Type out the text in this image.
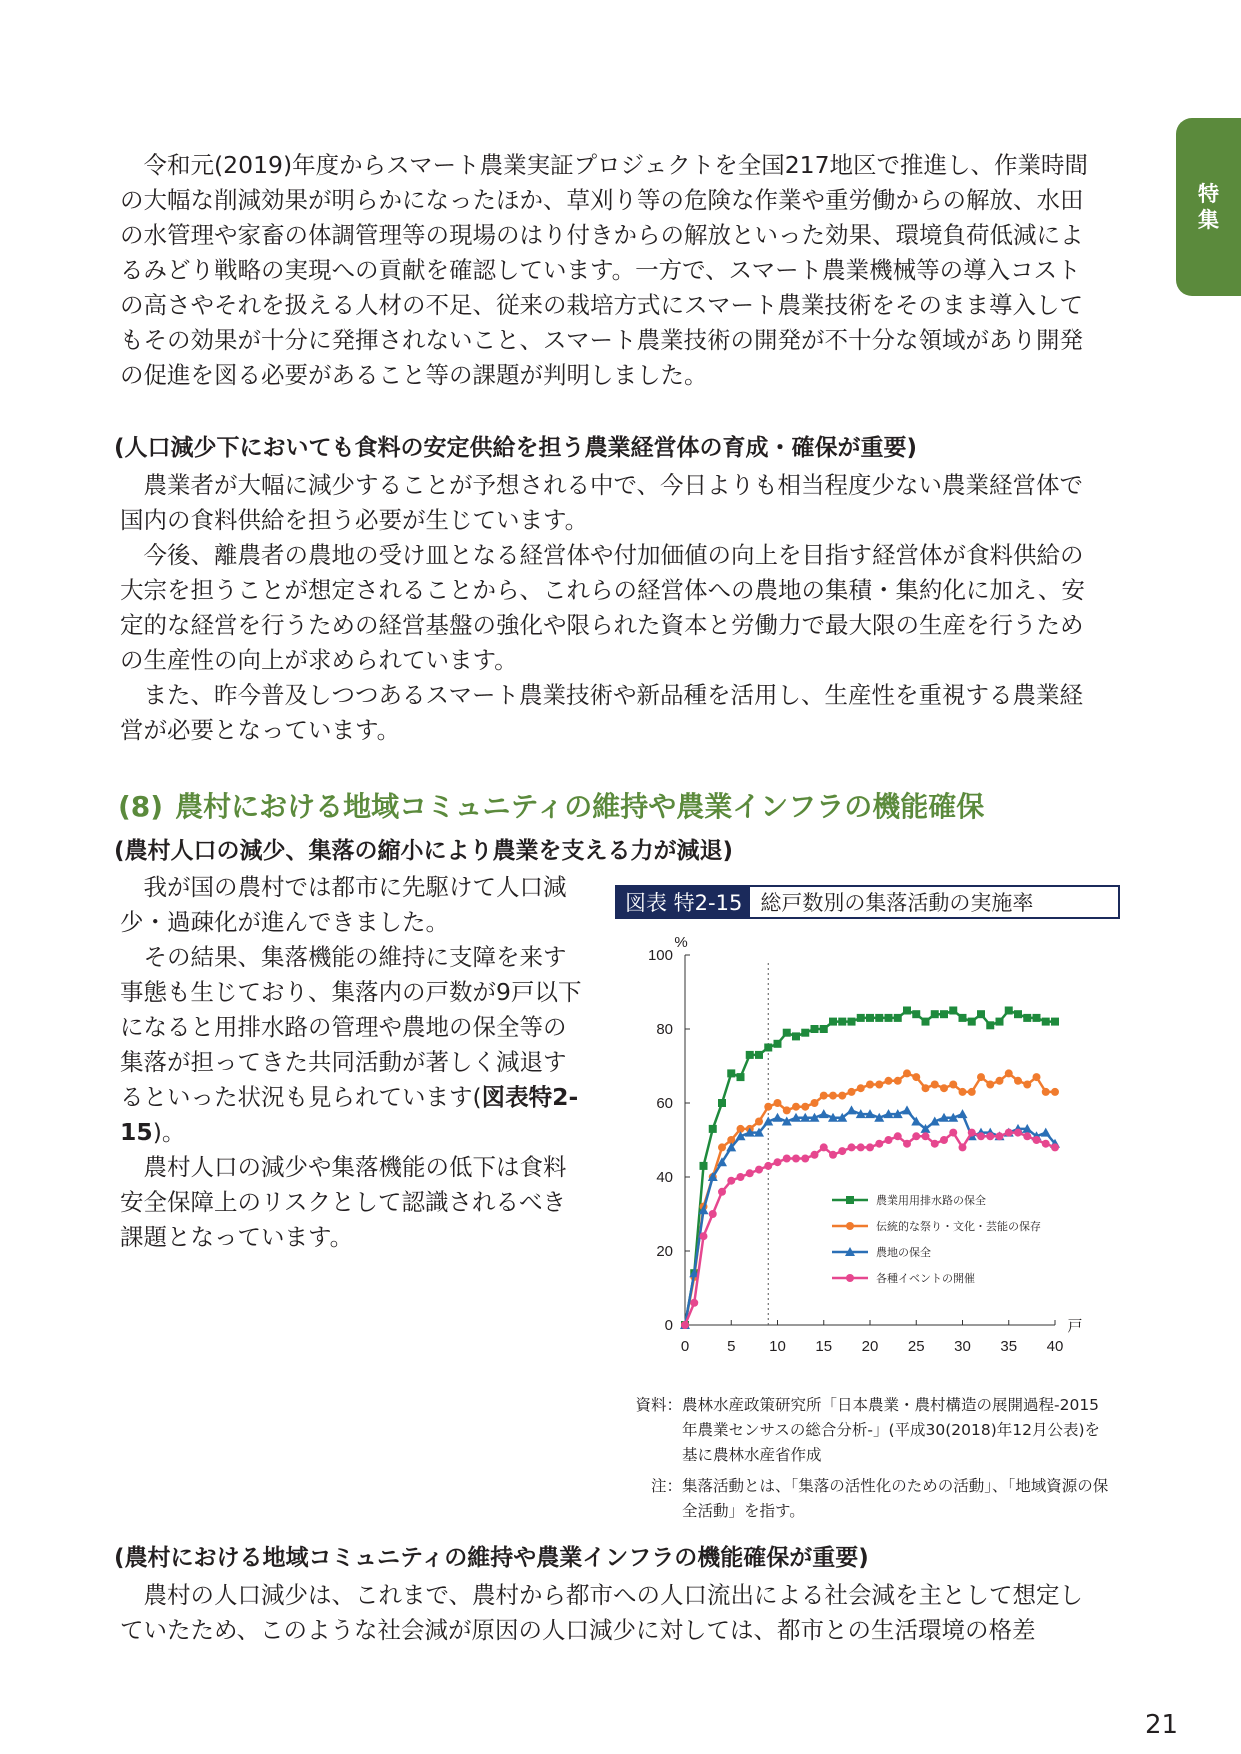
特
集

令和元(2019)年度からスマート農業実証プロジェクトを全国217地区で推進し、作業時間の大幅な削減効果が明らかになったほか、草刈り等の危険な作業や重労働からの解放、水田の水管理や家畜の体調管理等の現場のはり付きからの解放といった効果、環境負荷低減によるみどり戦略の実現への貢献を確認しています。一方で、スマート農業機械等の導入コストの高さやそれを扱える人材の不足、従来の栽培方式にスマート農業技術をそのまま導入してもその効果が十分に発揮されないこと、スマート農業技術の開発が不十分な領域があり開発の促進を図る必要があること等の課題が判明しました。

(人口減少下においても食料の安定供給を担う農業経営体の育成・確保が重要)

農業者が大幅に減少することが予想される中で、今日よりも相当程度少ない農業経営体で国内の食料供給を担う必要が生じています。

今後、離農者の農地の受け皿となる経営体や付加価値の向上を目指す経営体が食料供給の大宗を担うことが想定されることから、これらの経営体への農地の集積・集約化に加え、安定的な経営を行うための経営基盤の強化や限られた資本と労働力で最大限の生産を行うための生産性の向上が求められています。

また、昨今普及しつつあるスマート農業技術や新品種を活用し、生産性を重視する農業経営が必要となっています。

(8) 農村における地域コミュニティの維持や農業インフラの機能確保

(農村人口の減少、集落の縮小により農業を支える力が減退)

我が国の農村では都市に先駆けて人口減少・過疎化が進んできました。

その結果、集落機能の維持に支障を来す事態も生じており、集落内の戸数が9戸以下になると用排水路の管理や農地の保全等の集落が担ってきた共同活動が著しく減退するといった状況も見られています(図表特2-15)。

農村人口の減少や集落機能の低下は食料安全保障上のリスクとして認識されるべき課題となっています。

図表 特2-15 総戸数別の集落活動の実施率
0
20
40
60
80
100
0	5 10 15 20 25 30 35 40
%
戸
農業用用排水路の保全
伝統的な祭り・文化・芸能の保存
農地の保全
各種イベントの開催
資料： 農林水産政策研究所「日本農業・農村構造の展開過程-2015年農業センサスの総合分析-」(平成30(2018)年12月公表)を基に農林水産省作成
注： 集落活動とは、「集落の活性化のための活動」、「地域資源の保全活動」を指す。

(農村における地域コミュニティの維持や農業インフラの機能確保が重要)

農村の人口減少は、これまで、農村から都市への人口流出による社会減を主として想定していたため、このような社会減が原因の人口減少に対しては、都市との生活環境の格差

21
